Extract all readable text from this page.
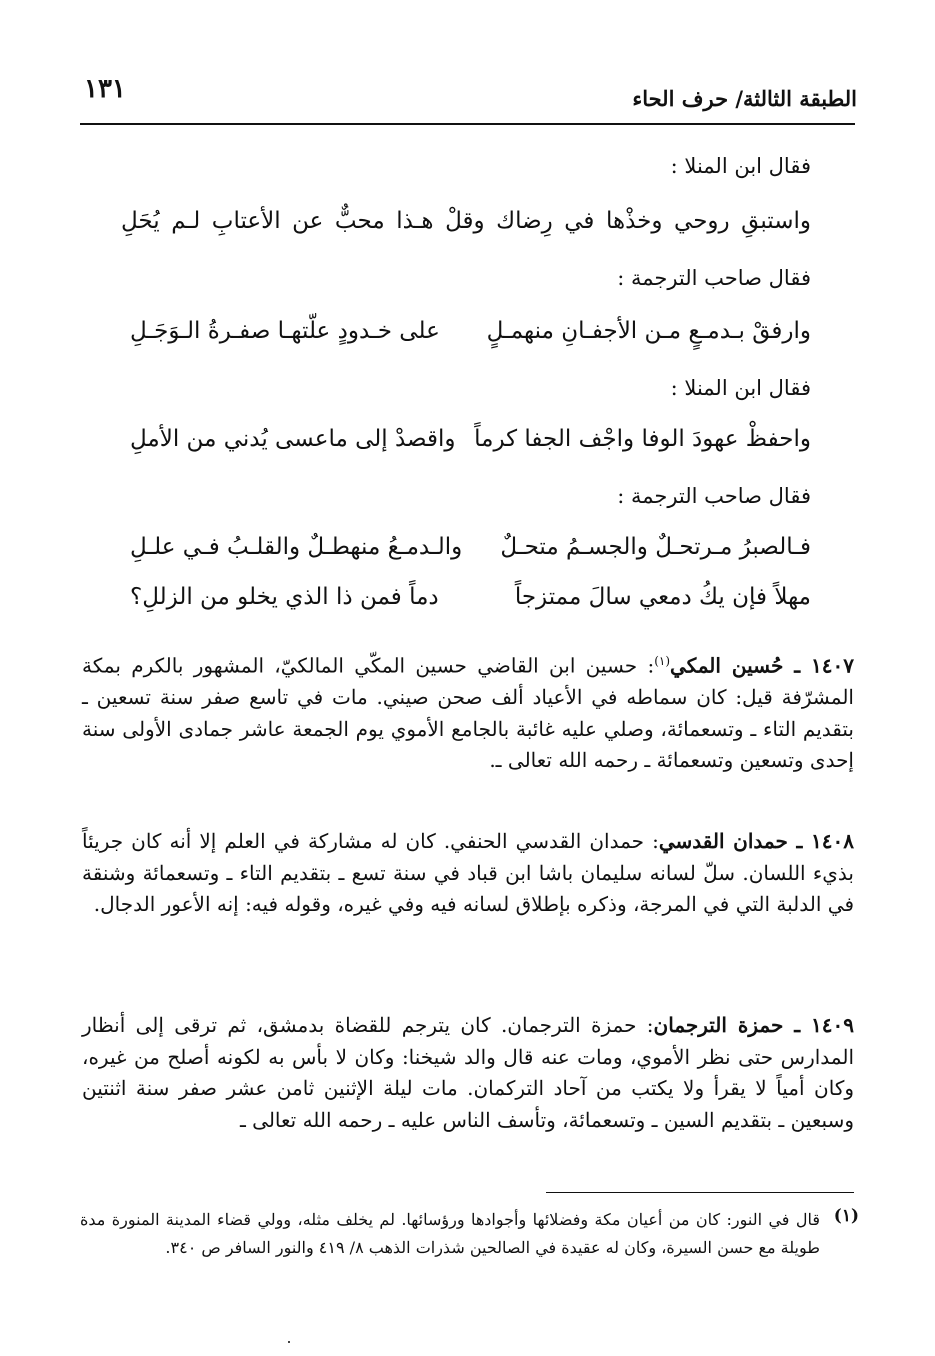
الطبقة الثالثة/ حرف الحاء
١٣١
فقال ابن المنلا :
واستبقِ روحي وخذْها في رِضاك وقلْ هـذا محبٌّ عن الأعتابِ لـم يُحَلِ
فقال صاحب الترجمة :
وارفقْ بـدمـعٍ مـن الأجفـانِ منهمـلٍ
على خـدودٍ علّتهـا صفـرةُ الـوَجَـلِ
فقال ابن المنلا :
واحفظْ عهودَ الوفا واجْف الجفا كرماً
واقصدْ إلى ماعسى يُدني من الأملِ
فقال صاحب الترجمة :
فـالصبرُ مـرتحـلٌ والجسـمُ متحـلٌ
والـدمـعُ منهطـلٌ والقلـبُ فـي علـلِ
مهلاً فإن يكُ دمعي سالَ ممتزجاً
دماً فمن ذا الذي يخلو من الزللِ؟
١٤٠٧ ـ حُسين المكي$^{(١)}$: حسين ابن القاضي حسين المكّي المالكيّ، المشهور بالكرم بمكة المشرّفة قيل: كان سماطه في الأعياد ألف صحن صيني. مات في تاسع صفر سنة تسعين ـ بتقديم التاء ـ وتسعمائة، وصلي عليه غائبة بالجامع الأموي يوم الجمعة عاشر جمادى الأولى سنة إحدى وتسعين وتسعمائة ـ رحمه الله تعالى ـ.
١٤٠٨ ـ حمدان القدسي: حمدان القدسي الحنفي. كان له مشاركة في العلم إلا أنه كان جريئاً بذيء اللسان. سلّ لسانه سليمان باشا ابن قباد في سنة تسع ـ بتقديم التاء ـ وتسعمائة وشنقة في الدلبة التي في المرجة، وذكره بإطلاق لسانه فيه وفي غيره، وقوله فيه: إنه الأعور الدجال.
١٤٠٩ ـ حمزة الترجمان: حمزة الترجمان. كان يترجم للقضاة بدمشق، ثم ترقى إلى أنظار المدارس حتى نظر الأموي، ومات عنه قال والد شيخنا: وكان لا بأس به لكونه أصلح من غيره، وكان أمياً لا يقرأ ولا يكتب من آحاد التركمان. مات ليلة الإثنين ثامن عشر صفر سنة اثنتين وسبعين ـ بتقديم السين ـ وتسعمائة، وتأسف الناس عليه ـ رحمه الله تعالى ـ
(١)
قال في النور: كان من أعيان مكة وفضلائها وأجوادها ورؤسائها. لم يخلف مثله، وولي قضاء المدينة المنورة مدة طويلة مع حسن السيرة، وكان له عقيدة في الصالحين شذرات الذهب ٨/ ٤١٩ والنور السافر ص ٣٤٠.
